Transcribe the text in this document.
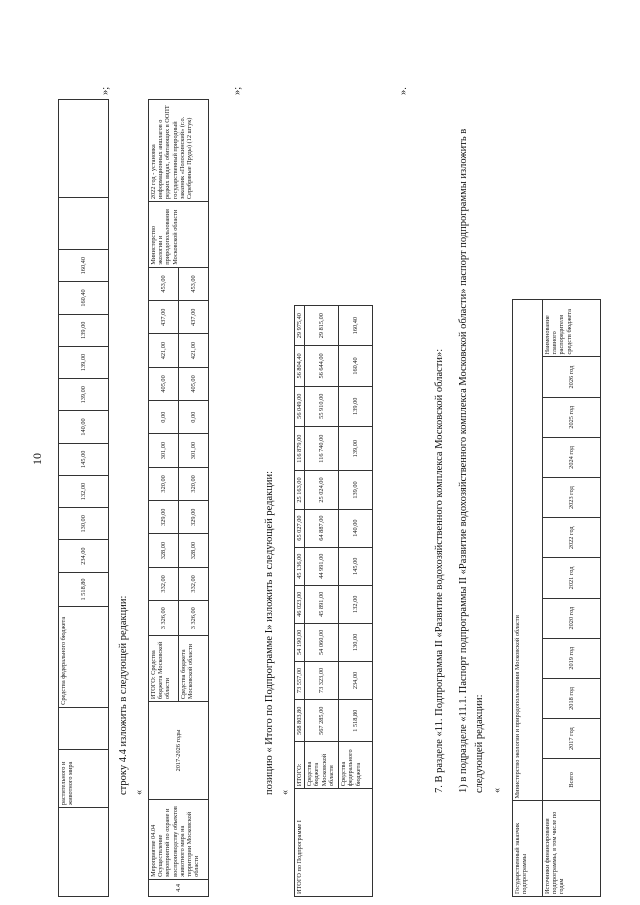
	растительного и животного мира		Средства федерального бюджета	1 518,80	234,00	130,00	132,00	145,00	140,00	139,00	139,00	139,00	160,40	160,40		
»;
10
строку 4.4 изложить в следующей редакции: «
4.4	Мероприятие 04.04 Осуществление мероприятий по охране и воспроизводству объектов животного мира на территории Московской области	2017-2026 годы	ИТОГО: Средства бюджета Московской области	3 326,00	332,00	328,00	329,00	320,00	301,00	0,00	405,00	421,00	437,00	453,00	Министерство экологии и природопользования Московской области	2022 год - установка информационных аншлагов о редких видах, обитающих в ООПТ государственный природный заказник «Полоскинский» (г.о. Серебряные Пруды) (12 штук)
			Средства бюджета Московской области	3 326,00	332,00	328,00	329,00	320,00	301,00	0,00	405,00	421,00	437,00	453,00		
»;
позицию « Итого по Подпрограмме I» изложить в следующей редакции: «
ИТОГО по Подпрограмме I	ИТОГО:	568 803,80	73 557,00	54 190,00	46 023,00	45 136,00	65 027,00	25 163,00	116 879,00	56 049,00	56 804,40	29 975,40
	Средства бюджета Московской области	567 285,00	73 323,00	54 060,00	45 891,00	44 991,00	64 887,00	25 024,00	116 740,00	55 910,00	56 644,00	29 815,00
	Средства федерального бюджета	1 518,80	234,00	130,00	132,00	145,00	140,00	139,00	139,00	139,00	160,40	160,40
».
7. В разделе «11. Подпрограмма II «Развитие водохозяйственного комплекса Московской области»: 1) в подразделе «11.1. Паспорт подпрограммы II «Развитие водохозяйственного комплекса Московской области» паспорт подпрограммы изложить в следующей редакции: «
Государственный заказчик подпрограммы	Министерство экологии и природопользования Московской области											
Источники финансирования подпрограммы, в том числе по годам	Всего	2017 год	2018 год	2019 год	2020 год	2021 год	2022 год	2023 год	2024 год	2025 год	2026 год	Наименование главного распорядителя средств бюджета
